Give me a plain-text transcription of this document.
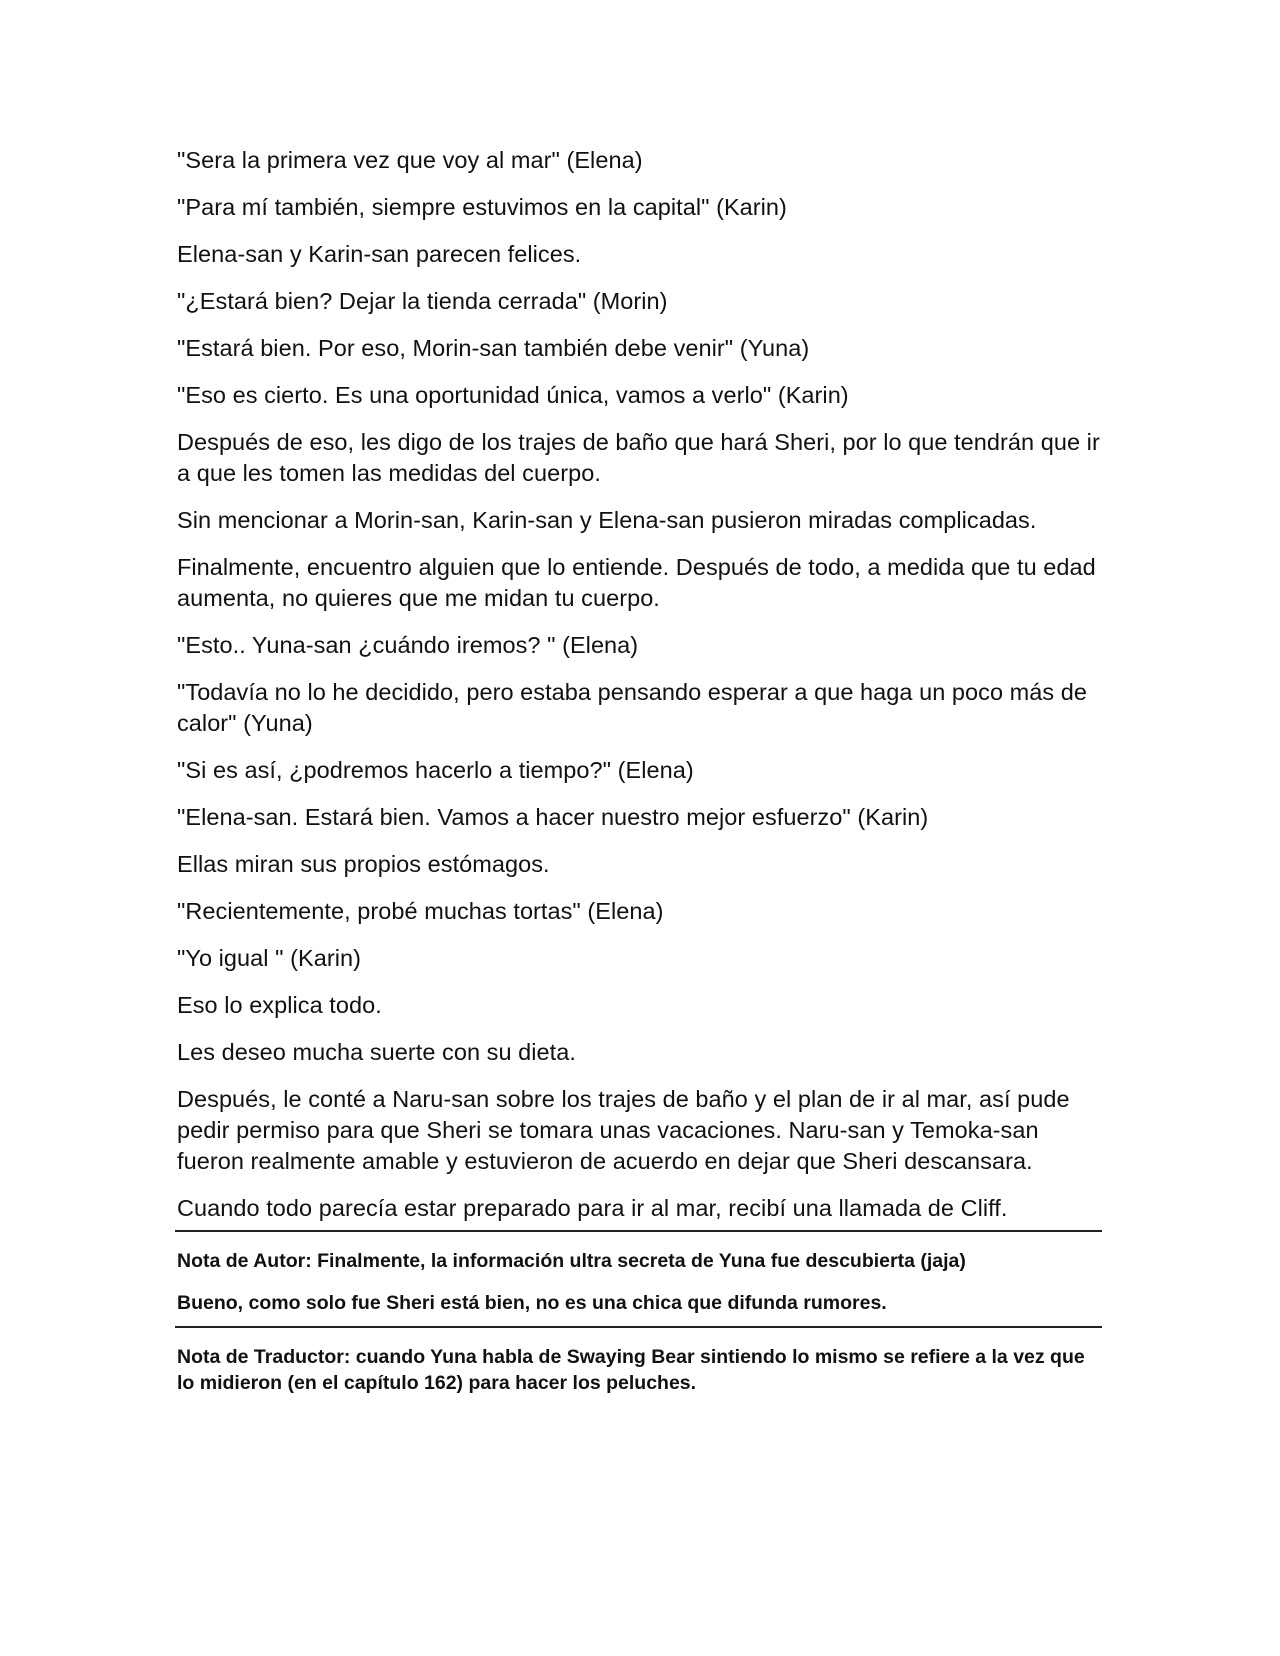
"Sera la primera vez que voy al mar" (Elena)

"Para mí también, siempre estuvimos en la capital" (Karin)

Elena-san y Karin-san parecen felices.

"¿Estará bien? Dejar la tienda cerrada" (Morin)

"Estará bien. Por eso, Morin-san también debe venir" (Yuna)

"Eso es cierto. Es una oportunidad única, vamos a verlo" (Karin)

Después de eso, les digo de los trajes de baño que hará Sheri, por lo que tendrán que ir a que les tomen las medidas del cuerpo.

Sin mencionar a Morin-san, Karin-san y Elena-san pusieron miradas complicadas.

Finalmente, encuentro alguien que lo entiende. Después de todo, a medida que tu edad aumenta, no quieres que me midan tu cuerpo.

"Esto.. Yuna-san ¿cuándo iremos? " (Elena)

"Todavía no lo he decidido, pero estaba pensando esperar a que haga un poco más de calor" (Yuna)

"Si es así, ¿podremos hacerlo a tiempo?" (Elena)

"Elena-san. Estará bien. Vamos a hacer nuestro mejor esfuerzo" (Karin)

Ellas miran sus propios estómagos.

"Recientemente, probé muchas tortas" (Elena)

"Yo igual " (Karin)

Eso lo explica todo.

Les deseo mucha suerte con su dieta.

Después, le conté a Naru-san sobre los trajes de baño y el plan de ir al mar, así pude pedir permiso para que Sheri se tomara unas vacaciones. Naru-san y Temoka-san fueron realmente amable y estuvieron de acuerdo en dejar que Sheri descansara.

Cuando todo parecía estar preparado para ir al mar, recibí una llamada de Cliff.

Nota de Autor: Finalmente, la información ultra secreta de Yuna fue descubierta (jaja)

Bueno, como solo fue Sheri está bien, no es una chica que difunda rumores.

Nota de Traductor: cuando Yuna habla de Swaying Bear sintiendo lo mismo se refiere a la vez que lo midieron (en el capítulo 162) para hacer los peluches.
